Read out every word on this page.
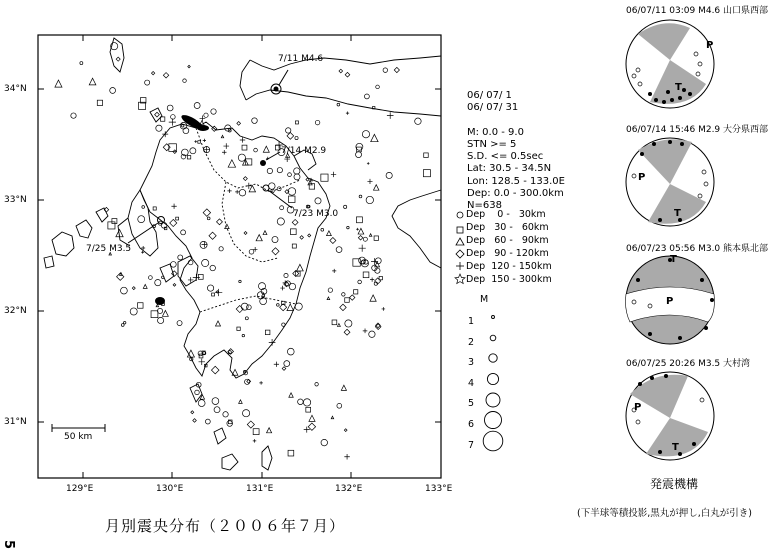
34°N
33°N
32°N
31°N
129°E	130°E	131°E	132°E	133°E
50 km
7/11 M4.6
7/14 M2.9
7/23 M3.0
7/25 M3.5
06/ 07/ 1
06/ 07/ 31
M: 0.0 - 9.0
STN >= 5
S.D. <= 0.5sec
Lat: 30.5 - 34.5N
Lon: 128.5 - 133.0E
Dep: 0.0 - 300.0km
N=638
Dep    0 -   30km
Dep   30 -   60km
Dep   60 -   90km
Dep   90 - 120km
Dep  120 - 150km
Dep  150 - 300km
M
1
2
3
4
5
6
7
06/07/11 03:09 M4.6 山口県西部
06/07/14 15:46 M2.9 大分県西部
06/07/23 05:56 M3.0 熊本県北部
06/07/25 20:26 M3.5 大村湾
P
T
P
T
P
T
P
T
発震機構
(下半球等積投影,黒丸が押し,白丸が引き)
月別震央分布（２００６年７月）
5
